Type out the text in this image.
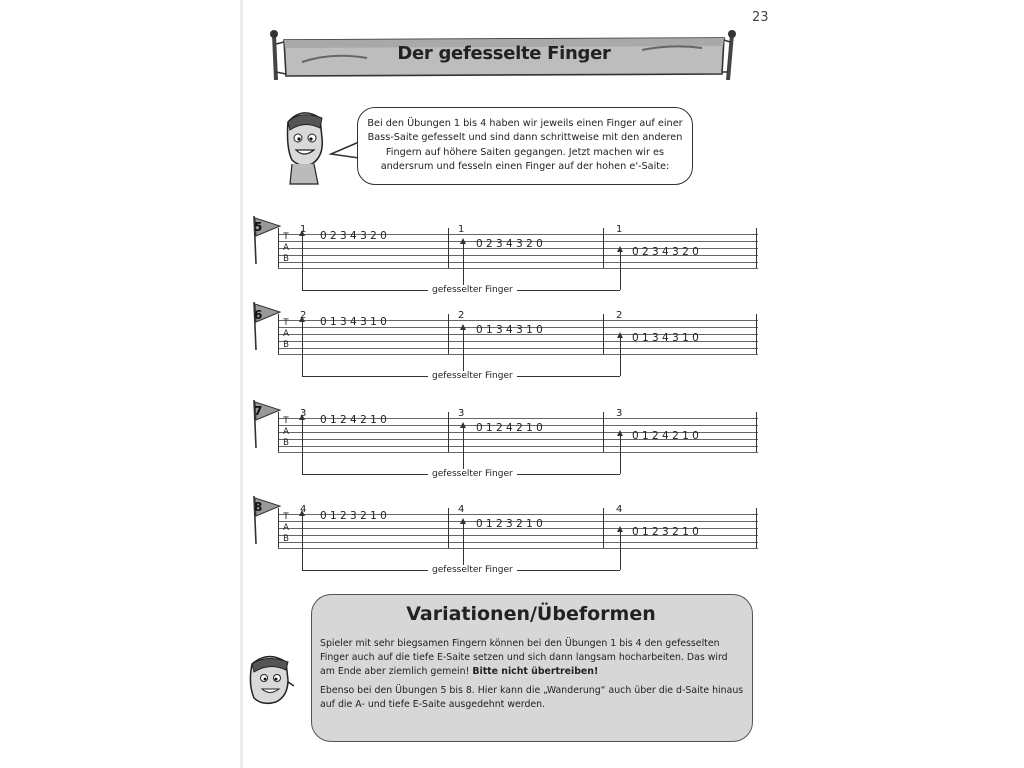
23
Der gefesselte Finger
Bei den Übungen 1 bis 4 haben wir jeweils einen Finger auf einer Bass-Saite gefesselt und sind dann schrittweise mit den anderen Fingern auf höhere Saiten gegangen. Jetzt machen wir es andersrum und fesseln einen Finger auf der hohen e'-Saite:
5
T
A
B
1
0 2 3 4 3 2 0
1
0 2 3 4 3 2 0
1
0 2 3 4 3 2 0
gefesselter Finger
6
T
A
B
2
0 1 3 4 3 1 0
2
0 1 3 4 3 1 0
2
0 1 3 4 3 1 0
gefesselter Finger
7
T
A
B
3
0 1 2 4 2 1 0
3
0 1 2 4 2 1 0
3
0 1 2 4 2 1 0
gefesselter Finger
8
T
A
B
4
0 1 2 3 2 1 0
4
0 1 2 3 2 1 0
4
0 1 2 3 2 1 0
gefesselter Finger
Variationen/Übeformen

Spieler mit sehr biegsamen Fingern können bei den Übungen 1 bis 4 den gefesselten Finger auch auf die tiefe E-Saite setzen und sich dann langsam hocharbeiten. Das wird am Ende aber ziemlich gemein! Bitte nicht übertreiben!

Ebenso bei den Übungen 5 bis 8. Hier kann die „Wanderung“ auch über die d-Saite hinaus auf die A- und tiefe E-Saite ausgedehnt werden.
